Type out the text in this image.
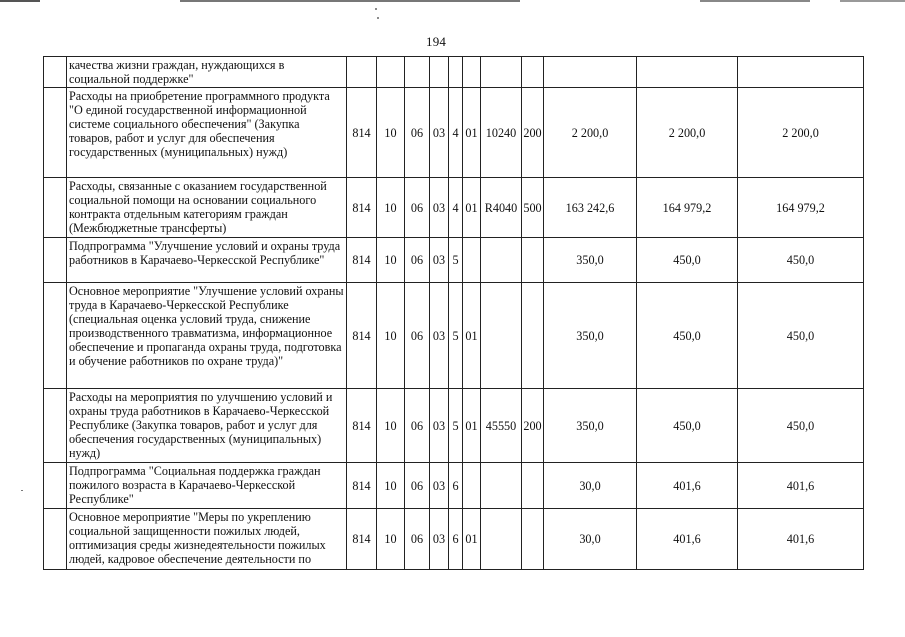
194
	качества жизни граждан, нуждающихся в социальной поддержке"											
	Расходы на приобретение программного продукта "О единой государственной информационной системе социального обеспечения" (Закупка товаров, работ и услуг для обеспечения государственных (муниципальных) нужд)	814	10	06	03	4	01	10240	200	2 200,0	2 200,0	2 200,0
	Расходы, связанные с оказанием государственной социальной помощи на основании социального контракта отдельным категориям граждан (Межбюджетные трансферты)	814	10	06	03	4	01	R4040	500	163 242,6	164 979,2	164 979,2
	Подпрограмма "Улучшение условий и охраны труда работников в Карачаево-Черкесской Республике"	814	10	06	03	5				350,0	450,0	450,0
	Основное мероприятие "Улучшение условий охраны труда в Карачаево-Черкесской Республике (специальная оценка условий труда, снижение производственного травматизма, информационное обеспечение и пропаганда охраны труда, подготовка и обучение работников по охране труда)"	814	10	06	03	5	01			350,0	450,0	450,0
	Расходы на мероприятия по улучшению условий и охраны труда работников в Карачаево-Черкесской Республике (Закупка товаров, работ и услуг для обеспечения государственных (муниципальных) нужд)	814	10	06	03	5	01	45550	200	350,0	450,0	450,0
	Подпрограмма "Социальная поддержка граждан пожилого возраста в Карачаево-Черкесской Республике"	814	10	06	03	6				30,0	401,6	401,6
	Основное мероприятие "Меры по укреплению социальной защищенности пожилых людей, оптимизация среды жизнедеятельности пожилых людей, кадровое обеспечение деятельности по	814	10	06	03	6	01			30,0	401,6	401,6
